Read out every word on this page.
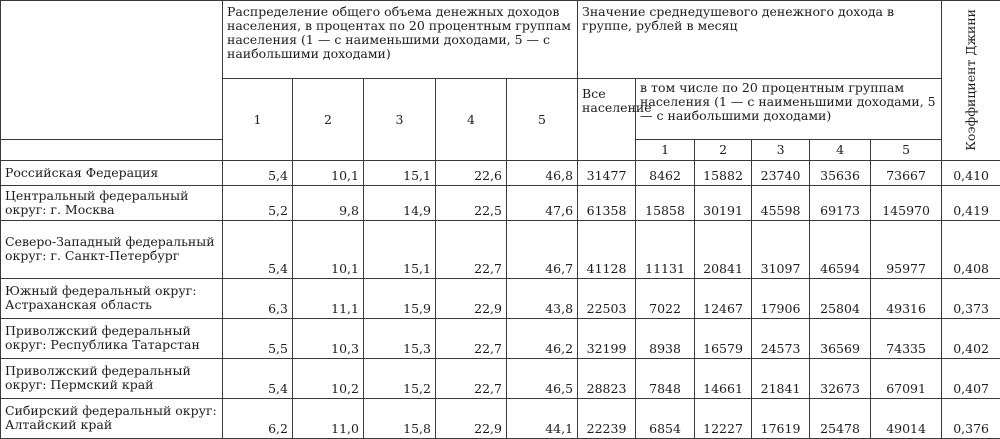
	Распределение общего объема денежных доходов населения, в процентах по 20 процентным группам населения (1 — с наименьшими доходами, 5 — с наибольшими доходами)					Значение среднедушевого денежного дохода в группе, рублей в месяц						Коэффициент Джини
	1	2	3	4	5	Все население	в том числе по 20 процентным группам населения (1 — с наименьшими доходами, 5 — с наибольшими доходами)					
							1	2	3	4	5	
Российская Федерация	5,4	10,1	15,1	22,6	46,8	31477	8462	15882	23740	35636	73667	0,410
Центральный федеральный округ: г. Москва	5,2	9,8	14,9	22,5	47,6	61358	15858	30191	45598	69173	145970	0,419
Северо-Западный федеральный округ: г. Санкт-Петербург	5,4	10,1	15,1	22,7	46,7	41128	11131	20841	31097	46594	95977	0,408
Южный федеральный округ: Астраханская область	6,3	11,1	15,9	22,9	43,8	22503	7022	12467	17906	25804	49316	0,373
Приволжский федеральный округ: Республика Татарстан	5,5	10,3	15,3	22,7	46,2	32199	8938	16579	24573	36569	74335	0,402
Приволжский федеральный округ: Пермский край	5,4	10,2	15,2	22,7	46,5	28823	7848	14661	21841	32673	67091	0,407
Сибирский федеральный округ: Алтайский край	6,2	11,0	15,8	22,9	44,1	22239	6854	12227	17619	25478	49014	0,376
